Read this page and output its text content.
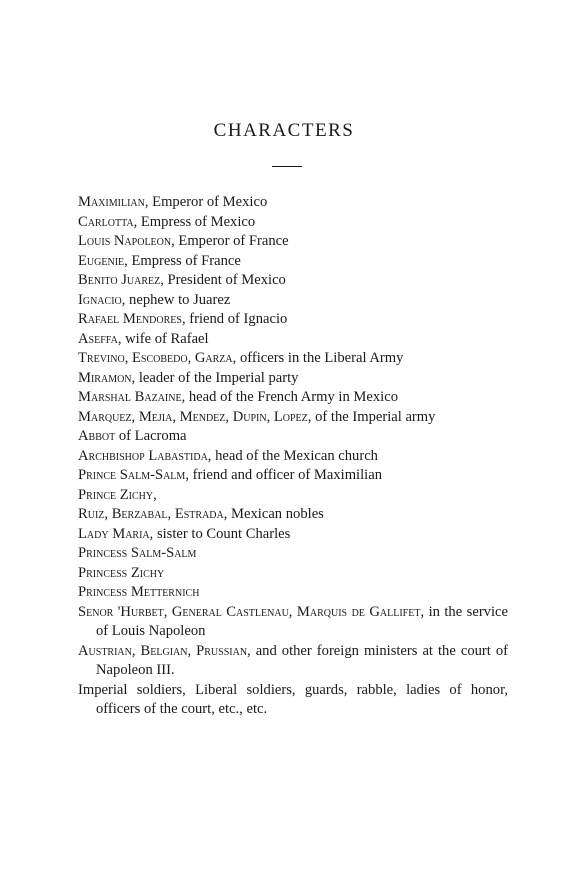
CHARACTERS
Maximilian, Emperor of Mexico
Carlotta, Empress of Mexico
Louis Napoleon, Emperor of France
Eugenie, Empress of France
Benito Juarez, President of Mexico
Ignacio, nephew to Juarez
Rafael Mendores, friend of Ignacio
Aseffa, wife of Rafael
Trevino, Escobedo, Garza, officers in the Liberal Army
Miramon, leader of the Imperial party
Marshal Bazaine, head of the French Army in Mexico
Marquez, Mejia, Mendez, Dupin, Lopez, of the Imperial army
Abbot of Lacroma
Archbishop Labastida, head of the Mexican church
Prince Salm-Salm, friend and officer of Maximilian
Prince Zichy,
Ruiz, Berzabal, Estrada, Mexican nobles
Lady Maria, sister to Count Charles
Princess Salm-Salm
Princess Zichy
Princess Metternich
Senor 'Hurbet, General Castlenau, Marquis de Gallifet, in the service of Louis Napoleon
Austrian, Belgian, Prussian, and other foreign ministers at the court of Napoleon III.
Imperial soldiers, Liberal soldiers, guards, rabble, ladies of honor, officers of the court, etc., etc.
